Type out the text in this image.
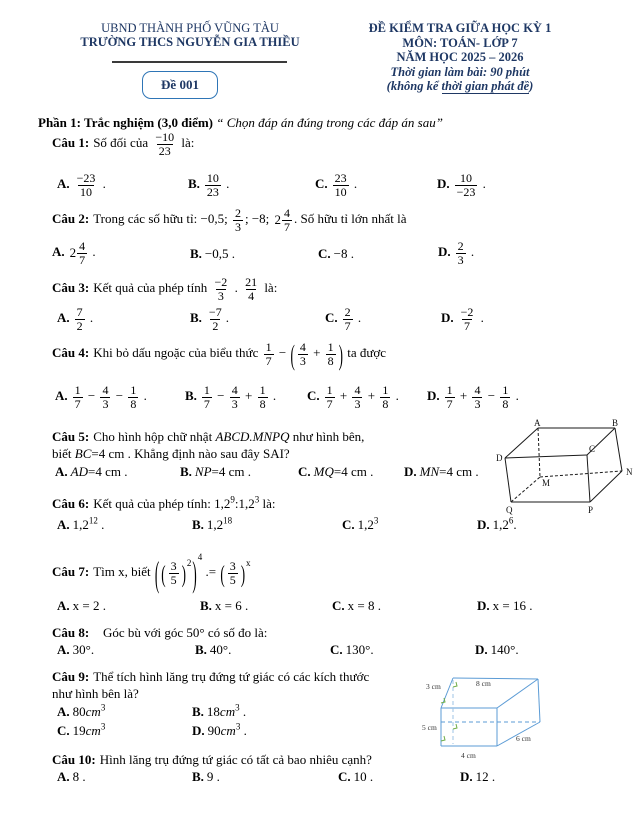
UBND THÀNH PHỐ VŨNG TÀU
TRƯỜNG THCS NGUYỄN GIA THIỀU
Đề 001
ĐỀ KIỂM TRA GIỮA HỌC KỲ 1
MÔN: TOÁN- LỚP 7
NĂM HỌC 2025 – 2026
Thời gian làm bài: 90 phút
(không kể thời gian phát đề)
Phần 1: Trắc nghiệm (3,0 điểm) “ Chọn đáp án đúng trong các đáp án sau”
Câu 1: Số đối của $\frac{-10}{23}$ là:
A. $\frac{-23}{10}$ .	B. $\frac{10}{23}$ .	C. $\frac{23}{10}$ .	D. $\frac{10}{-23}$ .
Câu 2: Trong các số hữu tỉ: −0,5; $\frac{2}{3}$ ; −8; $2 \frac{4}{7}$ . Số hữu tỉ lớn nhất là
A. $2 \frac{4}{7}$ .	B. −0,5 .	C. −8 .	D. $\frac{2}{3}$ .
Câu 3: Kết quả của phép tính $\frac{-2}{3}$ . $\frac{21}{4}$ là:
A. $\frac{7}{2}$ .	B. $\frac{-7}{2}$ .	C. $\frac{2}{7}$ .	D. $\frac{-2}{7}$ .
Câu 4: Khi bỏ dấu ngoặc của biểu thức $\frac{1}{7}$ − ( $\frac{4}{3} + \frac{1}{8}$ ) ta được
A. $\frac{1}{7} - \frac{4}{3} - \frac{1}{8}$ .	B. $\frac{1}{7} - \frac{4}{3} + \frac{1}{8}$ . C. $\frac{1}{7} + \frac{4}{3} + \frac{1}{8}$ . D. $\frac{1}{7} + \frac{4}{3} - \frac{1}{8}$ .
Câu 5: Cho hình hộp chữ nhật ABCD.MNPQ như hình bên,
biết BC=4 cm . Khẳng định nào sau đây SAI?
A. AD=4 cm .	B. NP=4 cm .	C. MQ=4 cm . D. MN=4 cm .
A	B
C
D
M
N
P
Q
Câu 6: Kết quả của phép tính: $1,2^9:1,2^3$ là:
A. $1,2^{12}$ .	B. $1,2^{18}$	C. $1,2^3$	D. $1,2^6$.
Câu 7: Tìm x, biết ( ( $\frac{3}{5} )^2)^4$ .= ( $\frac{3}{5} )^x$
A. x = 2 .	B. x = 6 .	C. x = 8 .	D. x = 16 .
Câu 8:   Góc bù với góc 50° có số đo là:
A. 30°.	B. 40°.	C. 130°.	D. 140°.
Câu 9: Thể tích hình lăng trụ đứng tứ giác có các kích thước
như hình bên là?
A. $80cm^3$	B. $18cm^3$ .
C. $19cm^3$	D. $90cm^3$ .
3 cm	8 cm
5 cm
6 cm
4 cm
Câu 10: Hình lăng trụ đứng tứ giác có tất cả bao nhiêu cạnh?
A. 8 .	B. 9 .	C. 10 .	D. 12 .
